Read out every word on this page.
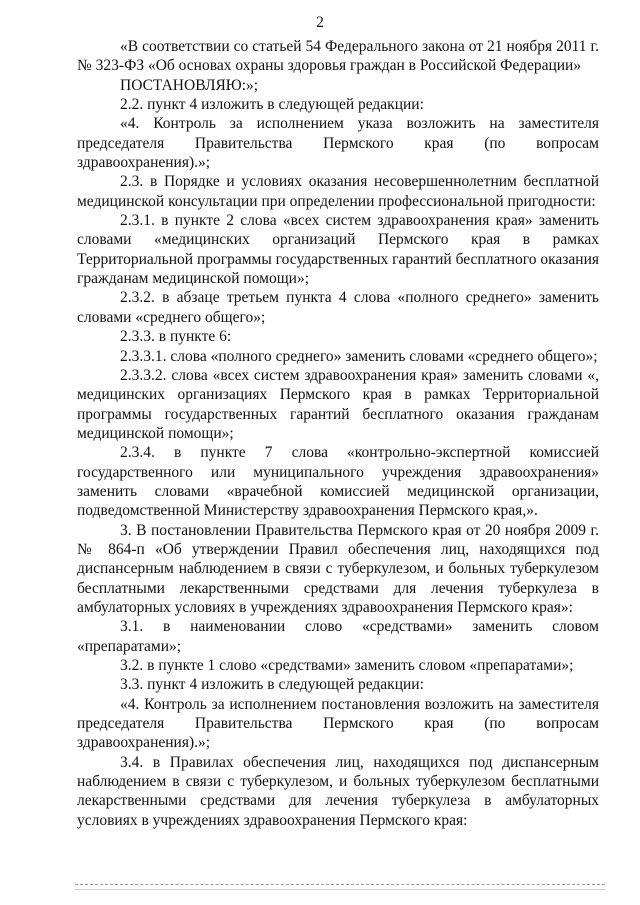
2

«В соответствии со статьей 54 Федерального закона от 21 ноября 2011 г. № 323-ФЗ «Об основах охраны здоровья граждан в Российской Федерации»

ПОСТАНОВЛЯЮ:»;

2.2. пункт 4 изложить в следующей редакции:

«4. Контроль за исполнением указа возложить на заместителя председателя Правительства Пермского края (по вопросам здравоохранения).»;

2.3. в Порядке и условиях оказания несовершеннолетним бесплатной медицинской консультации при определении профессиональной пригодности:

2.3.1. в пункте 2 слова «всех систем здравоохранения края» заменить словами «медицинских организаций Пермского края в рамках Территориальной программы государственных гарантий бесплатного оказания гражданам медицинской помощи»;

2.3.2. в абзаце третьем пункта 4 слова «полного среднего» заменить словами «среднего общего»;

2.3.3. в пункте 6:

2.3.3.1. слова «полного среднего» заменить словами «среднего общего»;

2.3.3.2. слова «всех систем здравоохранения края» заменить словами «, медицинских организациях Пермского края в рамках Территориальной программы государственных гарантий бесплатного оказания гражданам медицинской помощи»;

2.3.4. в пункте 7 слова «контрольно-экспертной комиссией государственного или муниципального учреждения здравоохранения» заменить словами «врачебной комиссией медицинской организации, подведомственной Министерству здравоохранения Пермского края,».

3. В постановлении Правительства Пермского края от 20 ноября 2009 г. № 864-п «Об утверждении Правил обеспечения лиц, находящихся под диспансерным наблюдением в связи с туберкулезом, и больных туберкулезом бесплатными лекарственными средствами для лечения туберкулеза в амбулаторных условиях в учреждениях здравоохранения Пермского края»:

3.1. в наименовании слово «средствами» заменить словом «препаратами»;

3.2. в пункте 1 слово «средствами» заменить словом «препаратами»;

3.3. пункт 4 изложить в следующей редакции:

«4. Контроль за исполнением постановления возложить на заместителя председателя Правительства Пермского края (по вопросам здравоохранения).»;

3.4. в Правилах обеспечения лиц, находящихся под диспансерным наблюдением в связи с туберкулезом, и больных туберкулезом бесплатными лекарственными средствами для лечения туберкулеза в амбулаторных условиях в учреждениях здравоохранения Пермского края:
